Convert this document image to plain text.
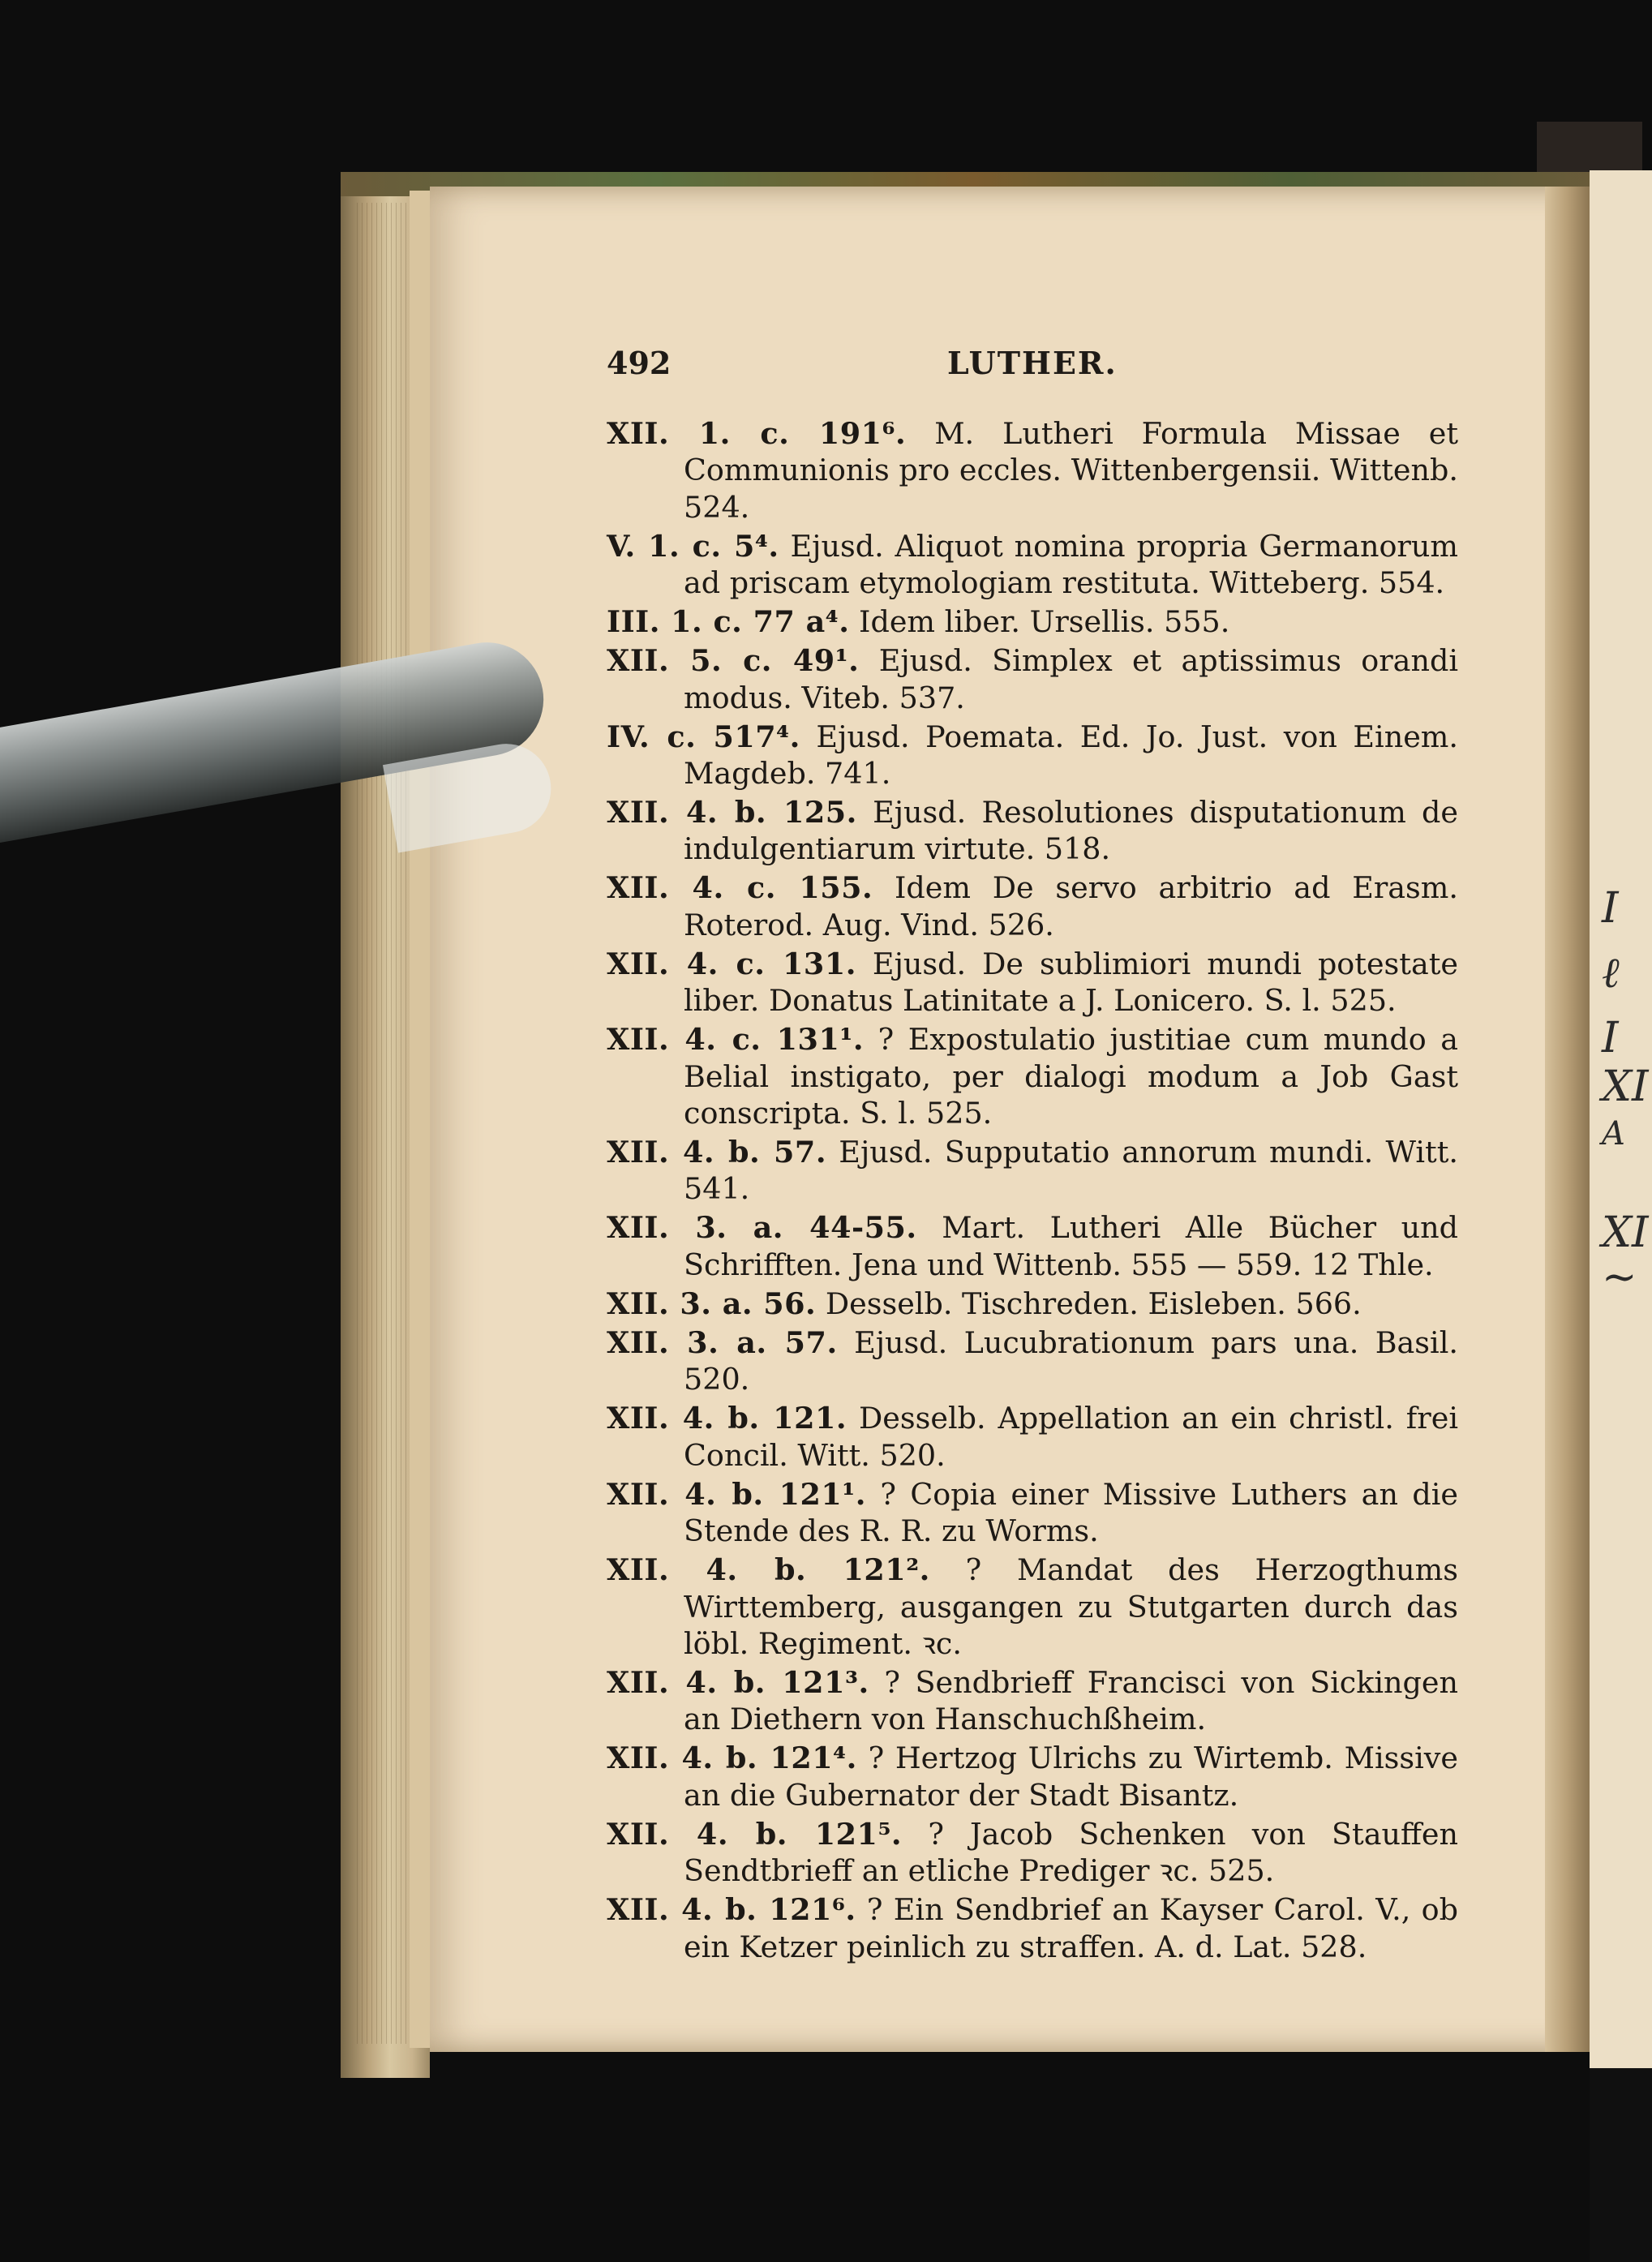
I
ℓ
I
XI
A
XI
~
492	LUTHER.
XII. 1. c. 191⁶. M. Lutheri Formula Missae et Communionis pro eccles. Wittenbergensii. Wittenb. 524.
V. 1. c. 5⁴. Ejusd. Aliquot nomina propria Germanorum ad priscam etymologiam restituta. Witteberg. 554.
III. 1. c. 77 a⁴. Idem liber. Ursellis. 555.
XII. 5. c. 49¹. Ejusd. Simplex et aptissimus orandi modus. Viteb. 537.
IV. c. 517⁴. Ejusd. Poemata. Ed. Jo. Just. von Einem. Magdeb. 741.
XII. 4. b. 125. Ejusd. Resolutiones disputationum de indulgentiarum virtute. 518.
XII. 4. c. 155. Idem De servo arbitrio ad Erasm. Roterod. Aug. Vind. 526.
XII. 4. c. 131. Ejusd. De sublimiori mundi potestate liber. Donatus Latinitate a J. Lonicero. S. l. 525.
XII. 4. c. 131¹. ? Expostulatio justitiae cum mundo a Belial instigato, per dialogi modum a Job Gast conscripta. S. l. 525.
XII. 4. b. 57. Ejusd. Supputatio annorum mundi. Witt. 541.
XII. 3. a. 44-55. Mart. Lutheri Alle Bücher und Schrifften. Jena und Wittenb. 555 — 559. 12 Thle.
XII. 3. a. 56. Desselb. Tischreden. Eisleben. 566.
XII. 3. a. 57. Ejusd. Lucubrationum pars una. Basil. 520.
XII. 4. b. 121. Desselb. Appellation an ein christl. frei Concil. Witt. 520.
XII. 4. b. 121¹. ? Copia einer Missive Luthers an die Stende des R. R. zu Worms.
XII. 4. b. 121². ? Mandat des Herzogthums Wirttemberg, ausgangen zu Stutgarten durch das löbl. Regiment. ꝛc.
XII. 4. b. 121³. ? Sendbrieff Francisci von Sickingen an Diethern von Hanschuchßheim.
XII. 4. b. 121⁴. ? Hertzog Ulrichs zu Wirtemb. Missive an die Gubernator der Stadt Bisantz.
XII. 4. b. 121⁵. ? Jacob Schenken von Stauffen Sendtbrieff an etliche Prediger ꝛc. 525.
XII. 4. b. 121⁶. ? Ein Sendbrief an Kayser Carol. V., ob ein Ketzer peinlich zu straffen. A. d. Lat. 528.
